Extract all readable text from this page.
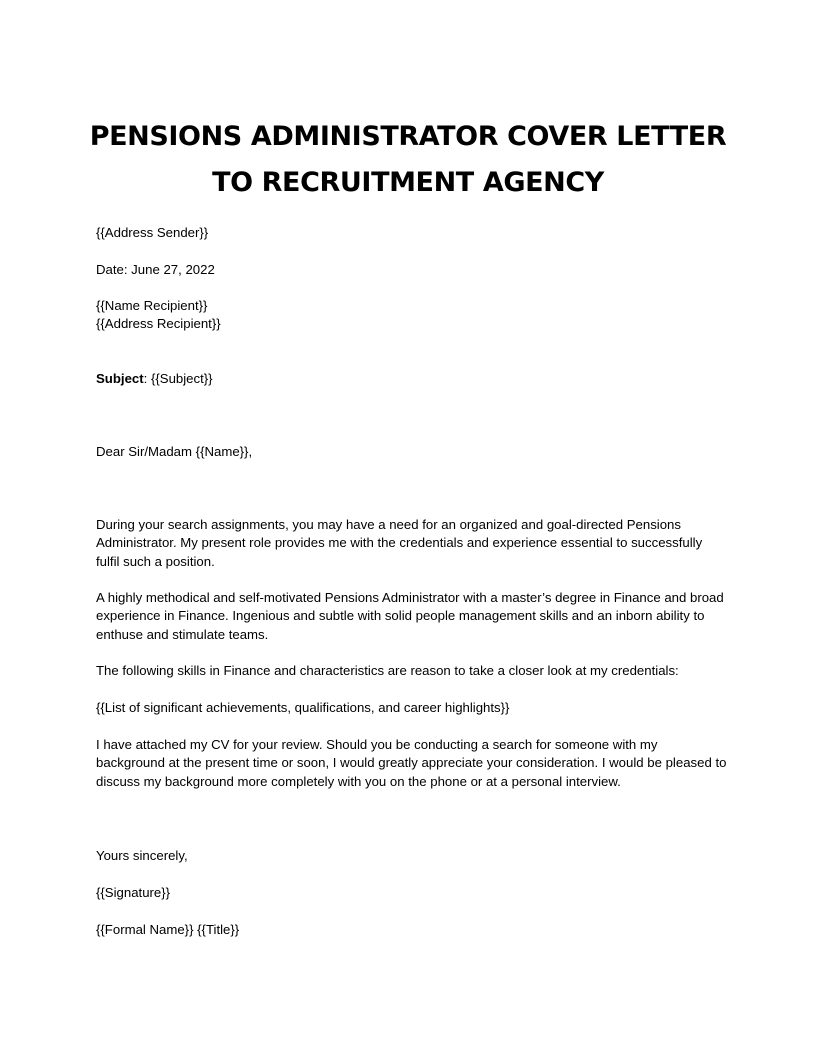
PENSIONS ADMINISTRATOR COVER LETTER
TO RECRUITMENT AGENCY

{{Address Sender}}

Date: June 27, 2022

{{Name Recipient}}

{{Address Recipient}}

Subject: {{Subject}}

Dear Sir/Madam {{Name}},

During your search assignments, you may have a need for an organized and goal-directed Pensions Administrator. My present role provides me with the credentials and experience essential to successfully fulfil such a position.

A highly methodical and self-motivated Pensions Administrator with a master’s degree in Finance and broad experience in Finance. Ingenious and subtle with solid people management skills and an inborn ability to enthuse and stimulate teams.

The following skills in Finance and characteristics are reason to take a closer look at my credentials:

{{List of significant achievements, qualifications, and career highlights}}

I have attached my CV for your review. Should you be conducting a search for someone with my background at the present time or soon, I would greatly appreciate your consideration. I would be pleased to discuss my background more completely with you on the phone or at a personal interview.

Yours sincerely,

{{Signature}}

{{Formal Name}} {{Title}}
